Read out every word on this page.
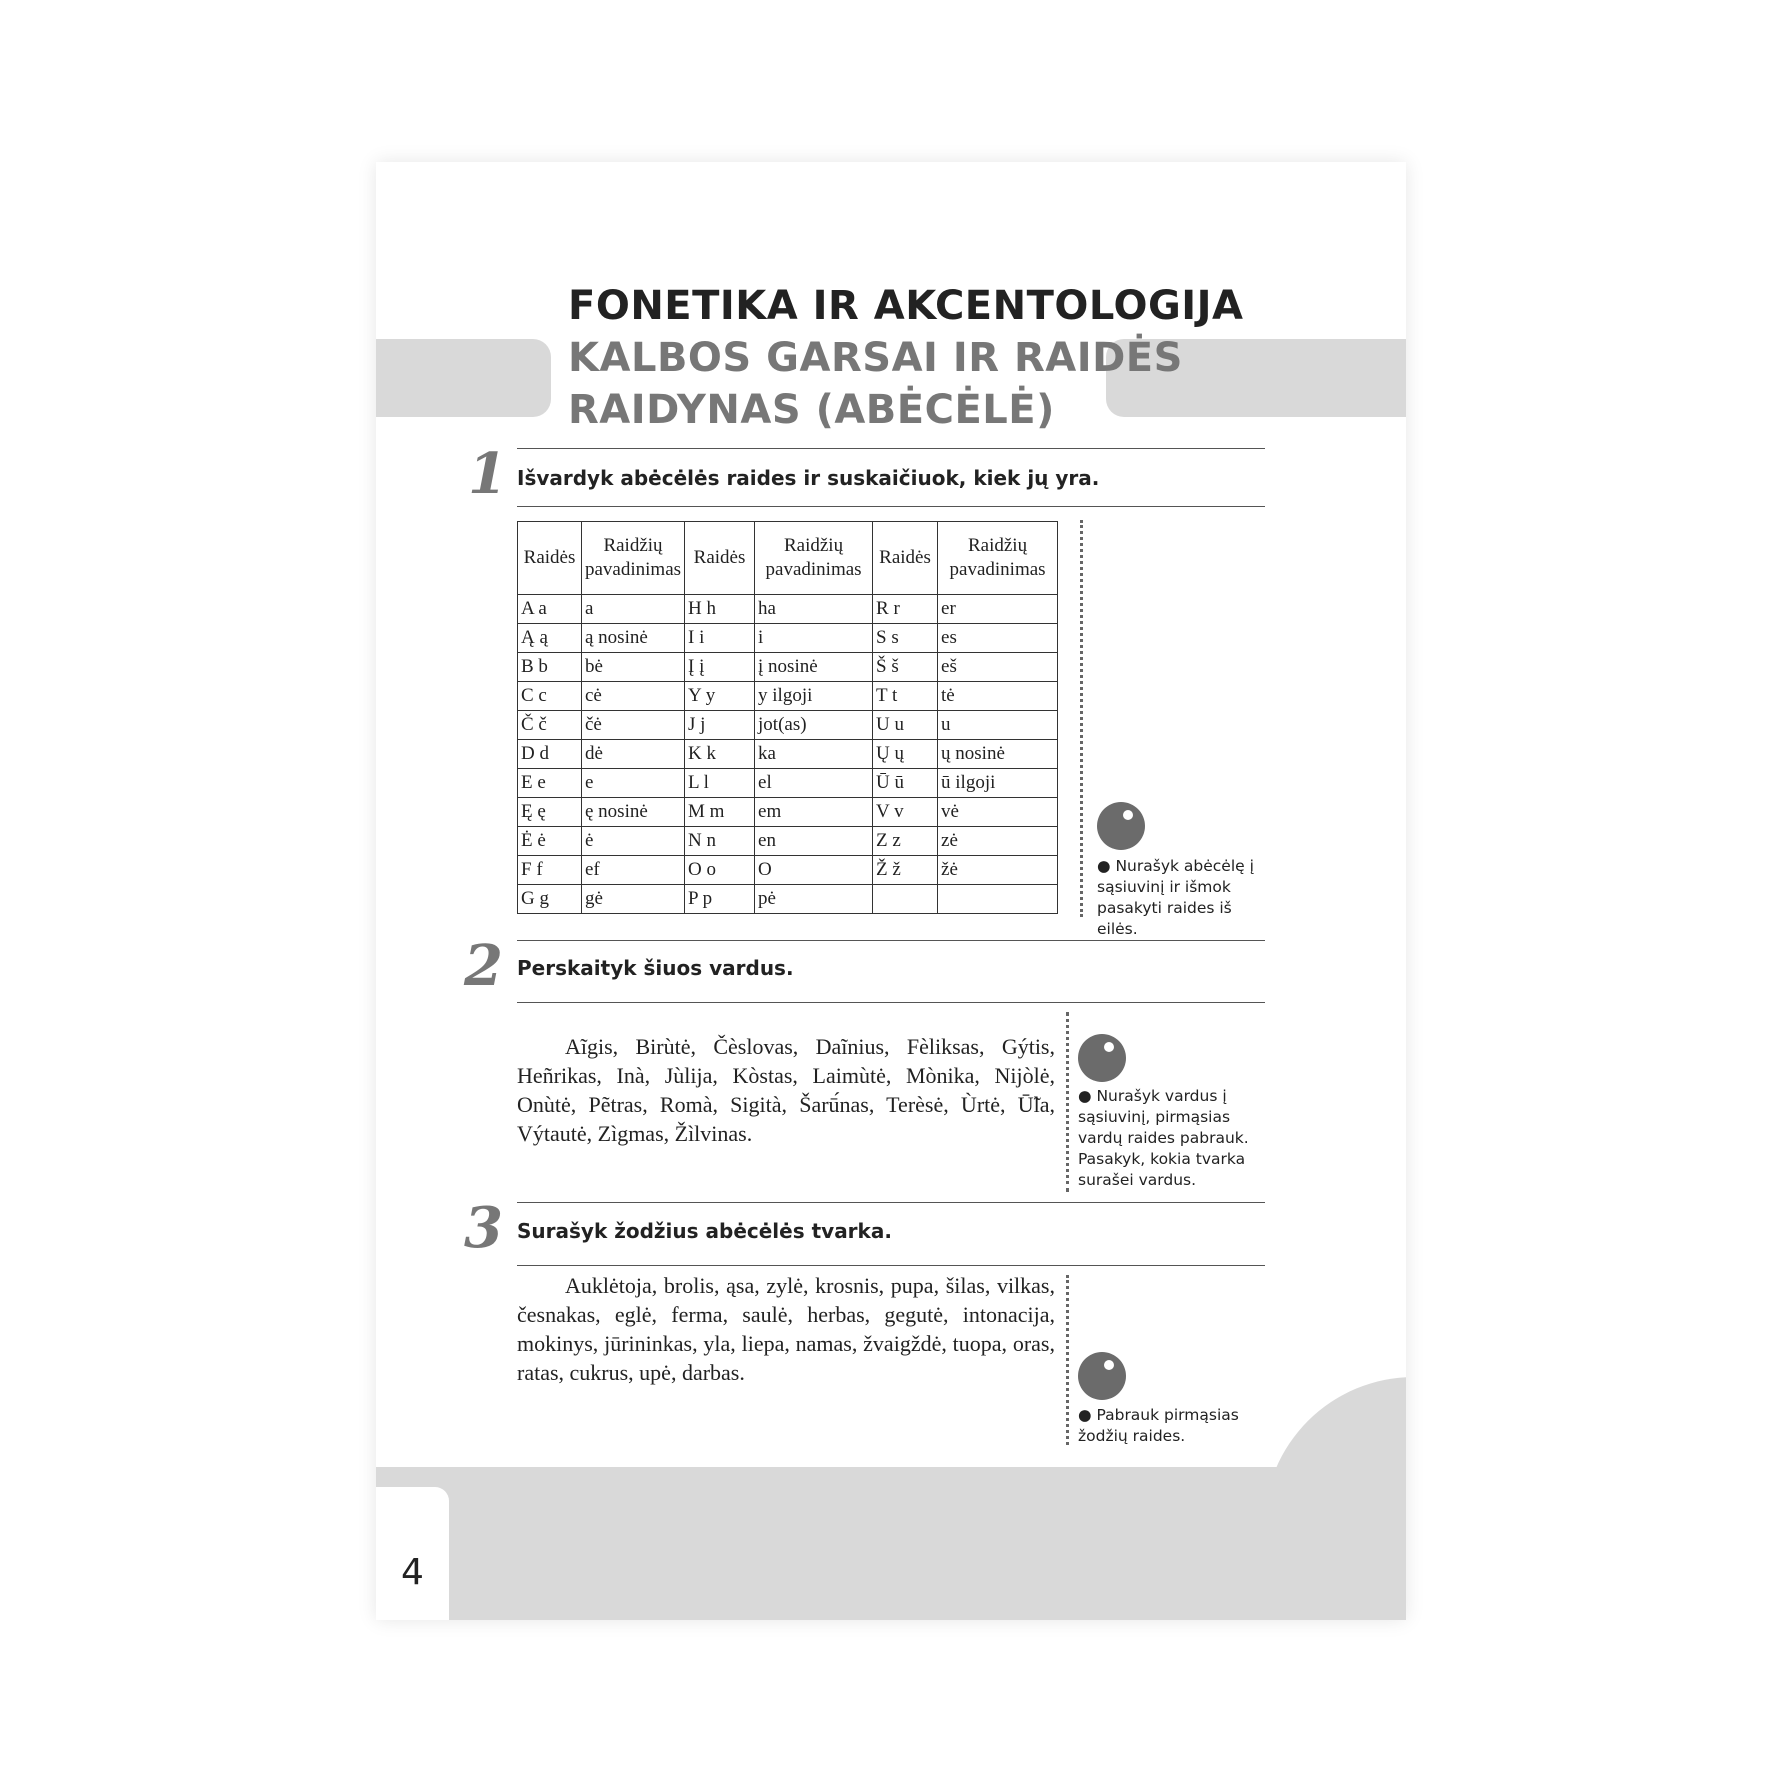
4
FONETIKA IR AKCENTOLOGIJA
KALBOS GARSAI IR RAIDĖS
RAIDYNAS (ABĖCĖLĖ)
1 Išvardyk abėcėlės raides ir suskaičiuok, kiek jų yra.
Raidės	Raidžių pavadinimas	Raidės	Raidžių pavadinimas	Raidės	Raidžių pavadinimas
A a	a	H h	ha	R r	er
Ą ą	ą nosinė	I i	i	S s	es
B b	bė	Į į	į nosinė	Š š	eš
C c	cė	Y y	y ilgoji	T t	tė
Č č	čė	J j	jot(as)	U u	u
D d	dė	K k	ka	Ų ų	ų nosinė
E e	e	L l	el	Ū ū	ū ilgoji
Ę ę	ę nosinė	M m	em	V v	vė
Ė ė	ė	N n	en	Z z	zė
F f	ef	O o	O	Ž ž	žė
G g	gė	P p	pė		
● Nurašyk abėcėlę į sąsiuvinį ir išmok pasakyti raides iš eilės.
2 Perskaityk šiuos vardus.
Aĩgis, Birùtė, Čèslovas, Daĩnius, Fèliksas, Gýtis, Heñrikas, Inà, Jùlija, Kòstas, Laimùtė, Mònika, Nijòlė, Onùtė, Pẽtras, Romà, Sigità, Šarū́nas, Terèsė, Ùrtė, Ū̃la, Výtautė, Zìgmas, Žìlvinas.
● Nurašyk vardus į sąsiuvinį, pirmąsias vardų raides pabrauk. Pasakyk, kokia tvarka surašei vardus.
3 Surašyk žodžius abėcėlės tvarka.
Auklėtoja, brolis, ąsa, zylė, krosnis, pupa, šilas, vilkas, česnakas, eglė, ferma, saulė, herbas, gegutė, intonacija, mokinys, jūrininkas, yla, liepa, namas, žvaigždė, tuopa, oras, ratas, cukrus, upė, darbas.
● Pabrauk pirmąsias žodžių raides.
